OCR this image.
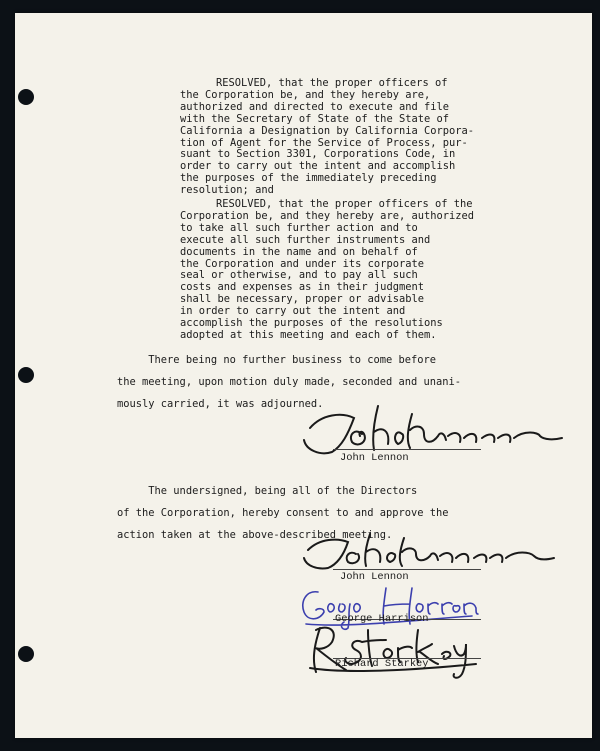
RESOLVED, that the proper officers of
the Corporation be, and they hereby are,
authorized and directed to execute and file
with the Secretary of State of the State of
California a Designation by California Corpora-
tion of Agent for the Service of Process, pur-
suant to Section 3301, Corporations Code, in
order to carry out the intent and accomplish
the purposes of the immediately preceding
resolution; and
RESOLVED, that the proper officers of the
Corporation be, and they hereby are, authorized
to take all such further action and to
execute all such further instruments and
documents in the name and on behalf of
the Corporation and under its corporate
seal or otherwise, and to pay all such
costs and expenses as in their judgment
shall be necessary, proper or advisable
in order to carry out the intent and
accomplish the purposes of the resolutions
adopted at this meeting and each of them.
There being no further business to come before
the meeting, upon motion duly made, seconded and unani-
mously carried, it was adjourned.
John Lennon
The undersigned, being all of the Directors
of the Corporation, hereby consent to and approve the
action taken at the above-described meeting.
John Lennon
George Harrison
Richard Starkey
